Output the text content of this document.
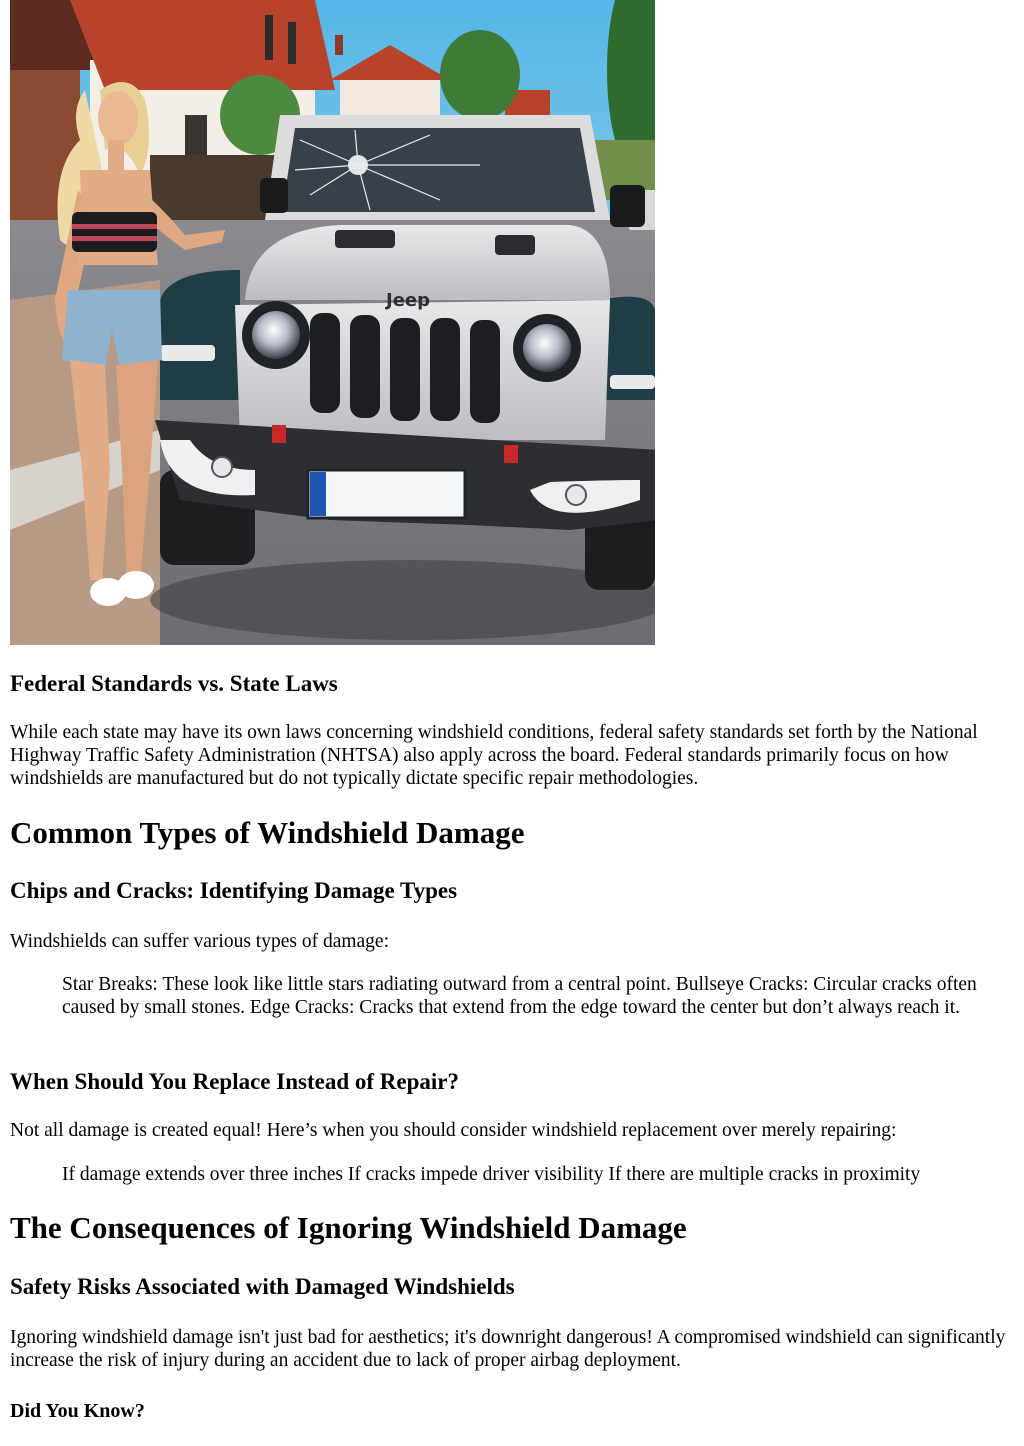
Jeep
Federal Standards vs. State Laws

While each state may have its own laws concerning windshield conditions, federal safety standards set forth by the National Highway Traffic Safety Administration (NHTSA) also apply across the board. Federal standards primarily focus on how windshields are manufactured but do not typically dictate specific repair methodologies.

Common Types of Windshield Damage
Chips and Cracks: Identifying Damage Types

Windshields can suffer various types of damage:

Star Breaks: These look like little stars radiating outward from a central point. Bullseye Cracks: Circular cracks often caused by small stones. Edge Cracks: Cracks that extend from the edge toward the center but don’t always reach it.
When Should You Replace Instead of Repair?

Not all damage is created equal! Here’s when you should consider windshield replacement over merely repairing:

If damage extends over three inches If cracks impede driver visibility If there are multiple cracks in proximity
The Consequences of Ignoring Windshield Damage
Safety Risks Associated with Damaged Windshields

Ignoring windshield damage isn't just bad for aesthetics; it's downright dangerous! A compromised windshield can significantly increase the risk of injury during an accident due to lack of proper airbag deployment.

Did You Know?
